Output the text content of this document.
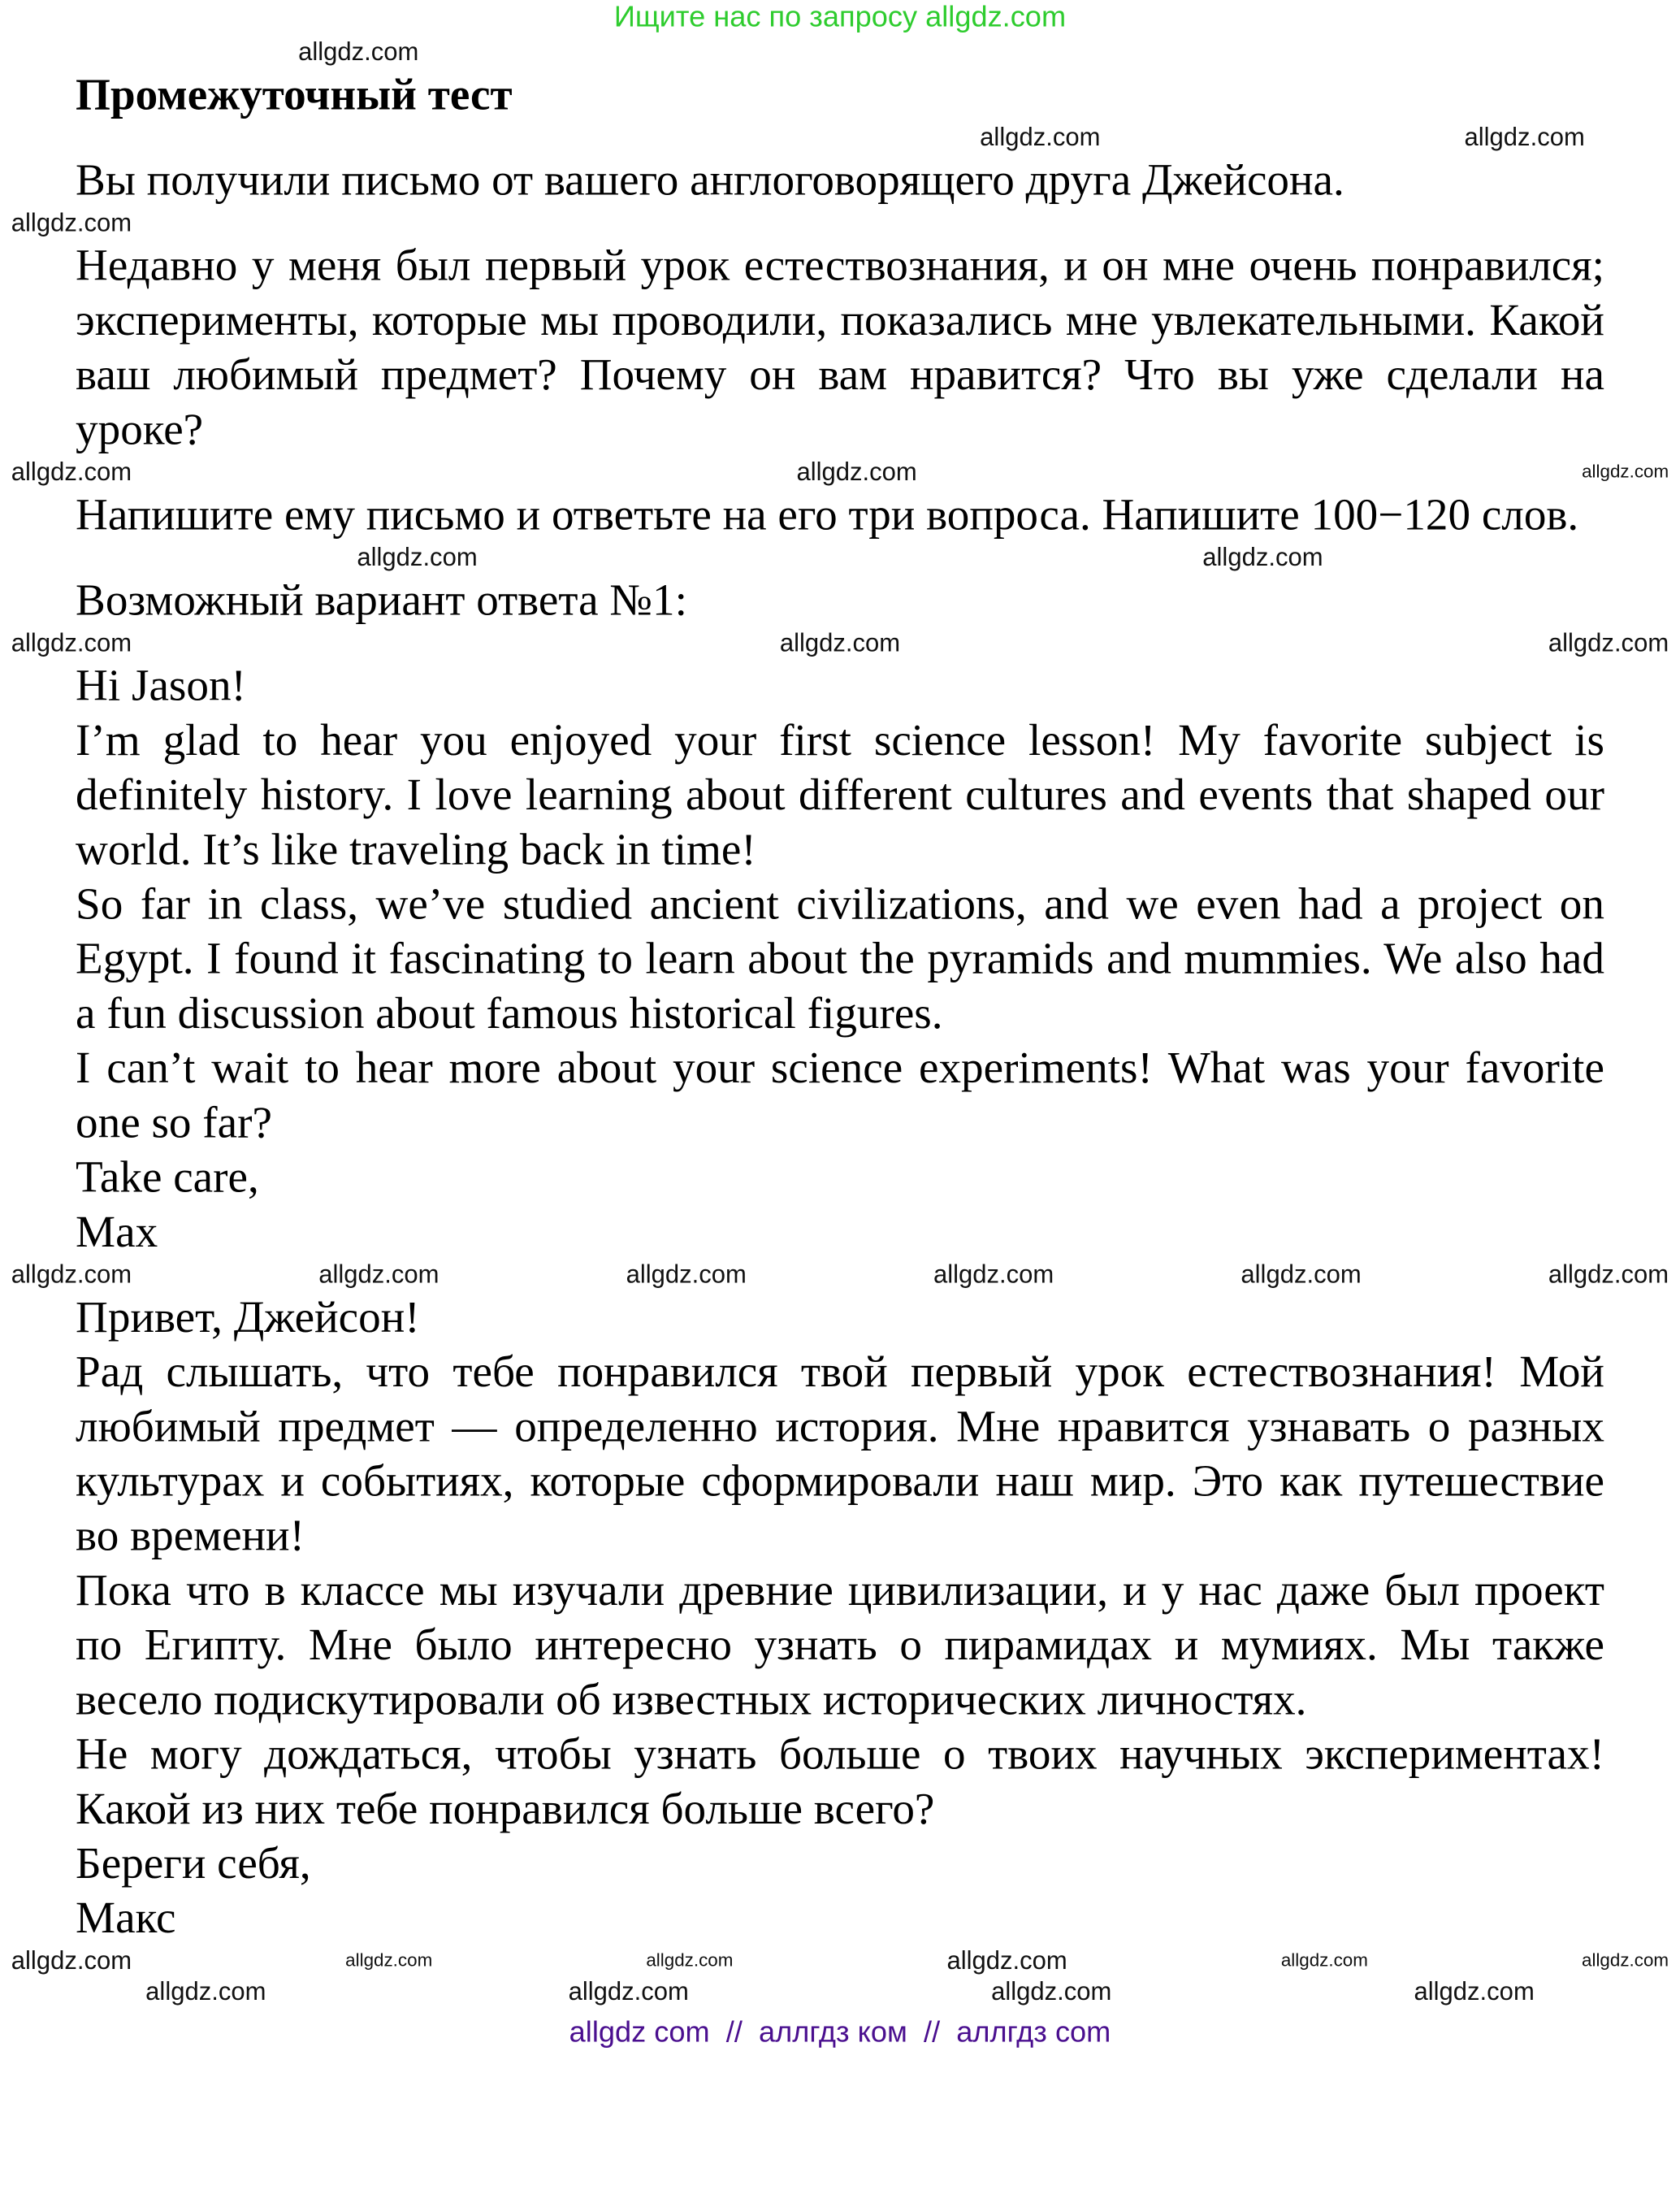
Ищите нас по запросу allgdz.com
allgdz.com
Промежуточный тест
allgdz.com	allgdz.com
Вы получили письмо от вашего англоговорящего друга Джейсона.
allgdz.com

Недавно у меня был первый урок естествознания, и он мне очень понравился; эксперименты, которые мы проводили, показались мне увлекательными. Какой ваш любимый предмет? Почему он вам нравится? Что вы уже сделали на уроке?

allgdz.com	allgdz.com	allgdz.com

Напишите ему письмо и ответьте на его три вопроса. Напишите 100−120 слов.

allgdz.com	allgdz.com
Возможный вариант ответа №1:
allgdz.com	allgdz.com	allgdz.com

Hi Jason!

I’m glad to hear you enjoyed your first science lesson! My favorite subject is definitely history. I love learning about different cultures and events that shaped our world. It’s like traveling back in time!

So far in class, we’ve studied ancient civilizations, and we even had a project on Egypt. I found it fascinating to learn about the pyramids and mummies. We also had a fun discussion about famous historical figures.

I can’t wait to hear more about your science experiments! What was your favorite one so far?

Take care,

Max

allgdz.com	allgdz.com	allgdz.com	allgdz.com	allgdz.com	allgdz.com

Привет, Джейсон!

Рад слышать, что тебе понравился твой первый урок естествознания! Мой любимый предмет — определенно история. Мне нравится узнавать о разных культурах и событиях, которые сформировали наш мир. Это как путешествие во времени!

Пока что в классе мы изучали древние цивилизации, и у нас даже был проект по Египту. Мне было интересно узнать о пирамидах и мумиях. Мы также весело подискутировали об известных исторических личностях.

Не могу дождаться, чтобы узнать больше о твоих научных экспериментах! Какой из них тебе понравился больше всего?

Береги себя,

Макс

allgdz.com	allgdz.com	allgdz.com	allgdz.com	allgdz.com	allgdz.com
allgdz.com	allgdz.com	allgdz.com	allgdz.com
allgdz com  //  аллгдз ком  //  аллгдз com
